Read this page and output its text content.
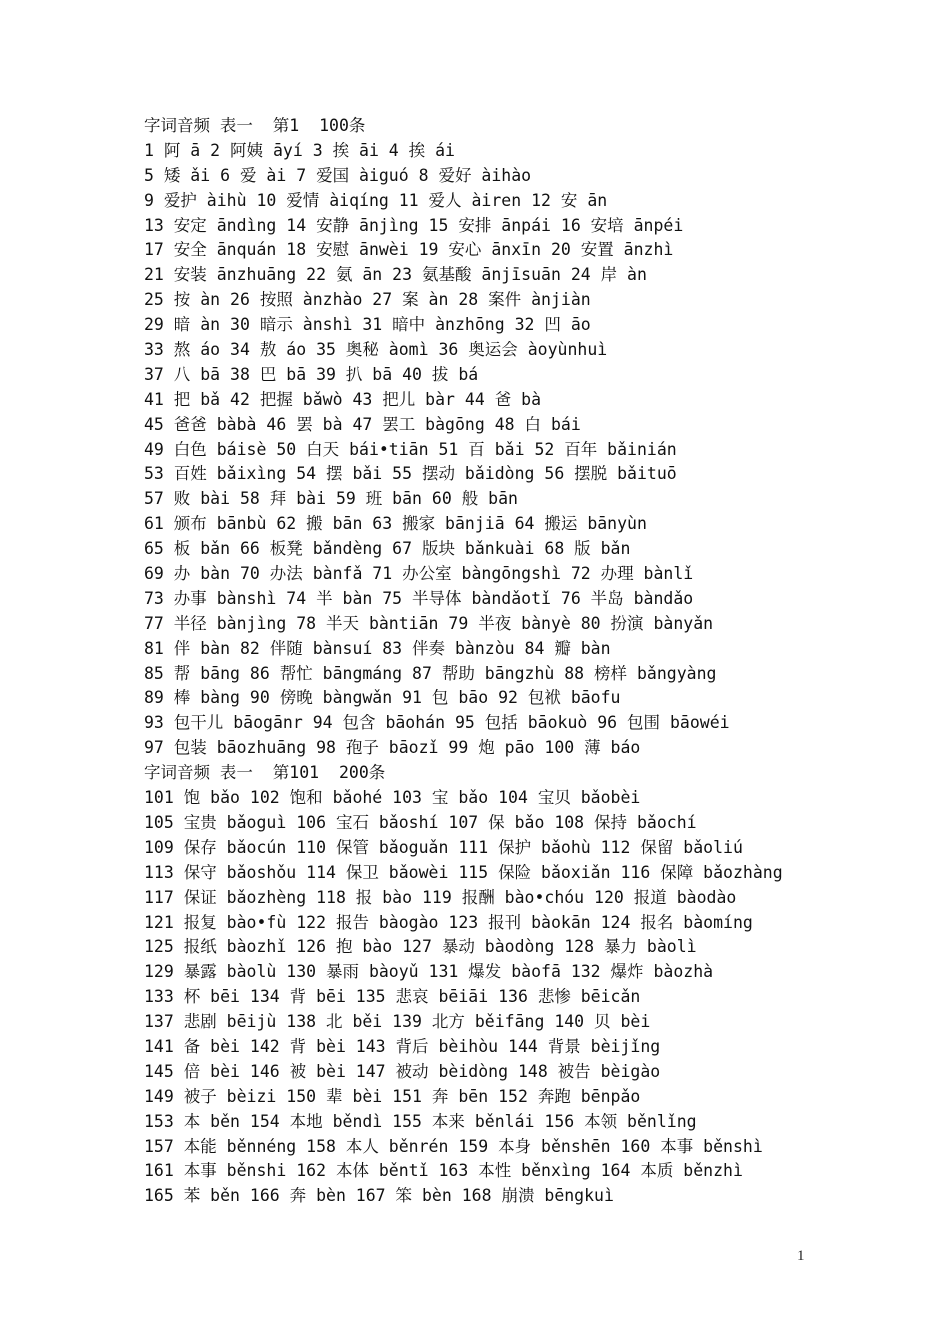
字词音频 表一  第1  100条
1 阿 ā 2 阿姨 āyí 3 挨 āi 4 挨 ái
5 矮 ǎi 6 爱 ài 7 爱国 àiguó 8 爱好 àihào
9 爱护 àihù 10 爱情 àiqíng 11 爱人 àiren 12 安 ān
13 安定 āndìng 14 安静 ānjìng 15 安排 ānpái 16 安培 ānpéi
17 安全 ānquán 18 安慰 ānwèi 19 安心 ānxīn 20 安置 ānzhì
21 安装 ānzhuāng 22 氨 ān 23 氨基酸 ānjīsuān 24 岸 àn
25 按 àn 26 按照 ànzhào 27 案 àn 28 案件 ànjiàn
29 暗 àn 30 暗示 ànshì 31 暗中 ànzhōng 32 凹 āo
33 熬 áo 34 敖 áo 35 奥秘 àomì 36 奥运会 àoyùnhuì
37 八 bā 38 巴 bā 39 扒 bā 40 拔 bá
41 把 bǎ 42 把握 bǎwò 43 把儿 bàr 44 爸 bà
45 爸爸 bàbà 46 罢 bà 47 罢工 bàgōng 48 白 bái
49 白色 báisè 50 白天 bái•tiān 51 百 bǎi 52 百年 bǎinián
53 百姓 bǎixìng 54 摆 bǎi 55 摆动 bǎidòng 56 摆脱 bǎituō
57 败 bài 58 拜 bài 59 班 bān 60 般 bān
61 颁布 bānbù 62 搬 bān 63 搬家 bānjiā 64 搬运 bānyùn
65 板 bǎn 66 板凳 bǎndèng 67 版块 bǎnkuài 68 版 bǎn
69 办 bàn 70 办法 bànfǎ 71 办公室 bàngōngshì 72 办理 bànlǐ
73 办事 bànshì 74 半 bàn 75 半导体 bàndǎotǐ 76 半岛 bàndǎo
77 半径 bànjìng 78 半天 bàntiān 79 半夜 bànyè 80 扮演 bànyǎn
81 伴 bàn 82 伴随 bànsuí 83 伴奏 bànzòu 84 瓣 bàn
85 帮 bāng 86 帮忙 bāngmáng 87 帮助 bāngzhù 88 榜样 bǎngyàng
89 棒 bàng 90 傍晚 bàngwǎn 91 包 bāo 92 包袱 bāofu
93 包干儿 bāogānr 94 包含 bāohán 95 包括 bāokuò 96 包围 bāowéi
97 包装 bāozhuāng 98 孢子 bāozǐ 99 炮 pāo 100 薄 báo
字词音频 表一  第101  200条
101 饱 bǎo 102 饱和 bǎohé 103 宝 bǎo 104 宝贝 bǎobèi
105 宝贵 bǎoguì 106 宝石 bǎoshí 107 保 bǎo 108 保持 bǎochí
109 保存 bǎocún 110 保管 bǎoguǎn 111 保护 bǎohù 112 保留 bǎoliú
113 保守 bǎoshǒu 114 保卫 bǎowèi 115 保险 bǎoxiǎn 116 保障 bǎozhàng
117 保证 bǎozhèng 118 报 bào 119 报酬 bào•chóu 120 报道 bàodào
121 报复 bào•fù 122 报告 bàogào 123 报刊 bàokān 124 报名 bàomíng
125 报纸 bàozhǐ 126 抱 bào 127 暴动 bàodòng 128 暴力 bàolì
129 暴露 bàolù 130 暴雨 bàoyǔ 131 爆发 bàofā 132 爆炸 bàozhà
133 杯 bēi 134 背 bēi 135 悲哀 bēiāi 136 悲惨 bēicǎn
137 悲剧 bēijù 138 北 běi 139 北方 běifāng 140 贝 bèi
141 备 bèi 142 背 bèi 143 背后 bèihòu 144 背景 bèijǐng
145 倍 bèi 146 被 bèi 147 被动 bèidòng 148 被告 bèigào
149 被子 bèizi 150 辈 bèi 151 奔 bēn 152 奔跑 bēnpǎo
153 本 běn 154 本地 běndì 155 本来 běnlái 156 本领 běnlǐng
157 本能 běnnéng 158 本人 běnrén 159 本身 běnshēn 160 本事 běnshì
161 本事 běnshi 162 本体 běntǐ 163 本性 běnxìng 164 本质 běnzhì
165 苯 běn 166 奔 bèn 167 笨 bèn 168 崩溃 bēngkuì
1
